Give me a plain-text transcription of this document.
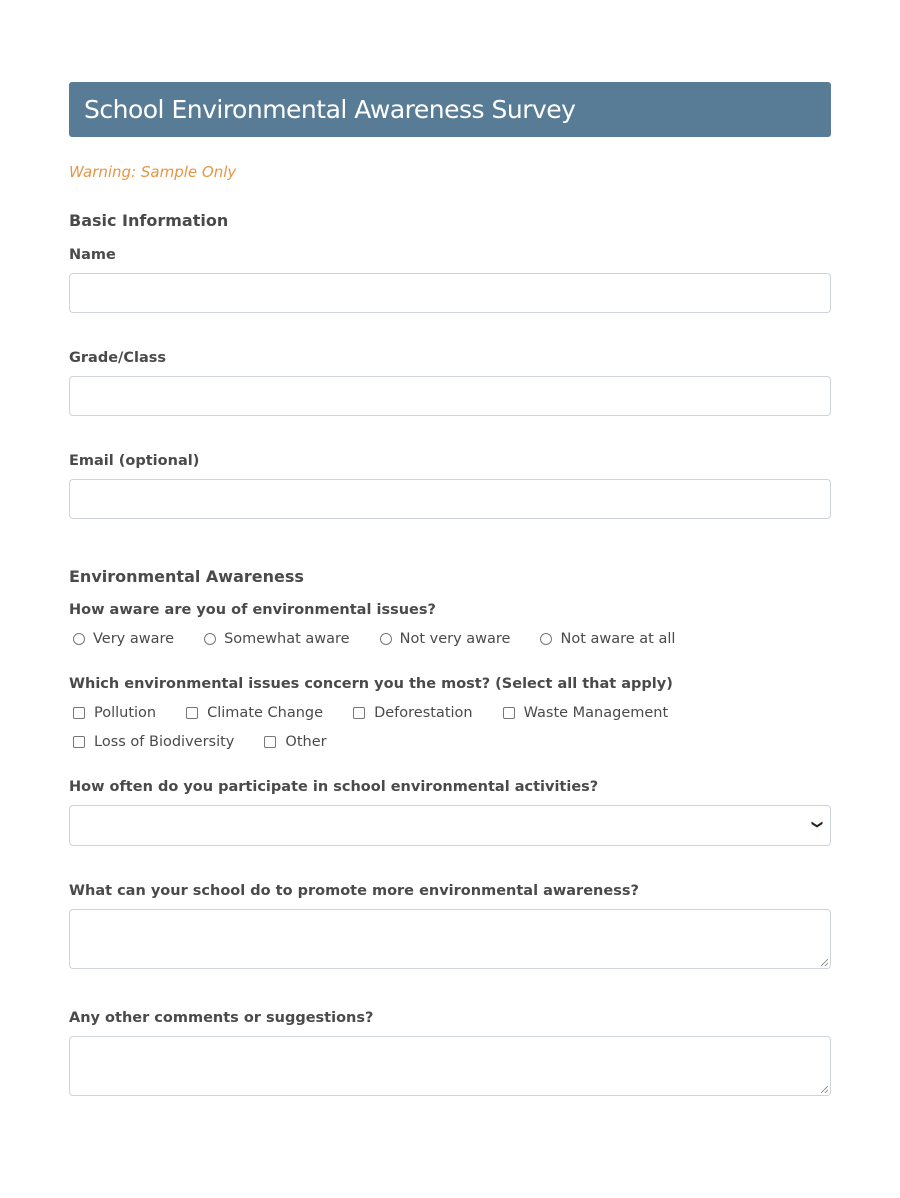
School Environmental Awareness Survey
Warning: Sample Only
Basic Information
Name
Grade/Class
Email (optional)
Environmental Awareness
How aware are you of environmental issues?
Very aware	Somewhat aware	Not very aware	Not aware at all
Which environmental issues concern you the most? (Select all that apply)
Pollution	Climate Change	Deforestation	Waste Management
Loss of Biodiversity	Other
How often do you participate in school environmental activities?
❯
What can your school do to promote more environmental awareness?
Any other comments or suggestions?
